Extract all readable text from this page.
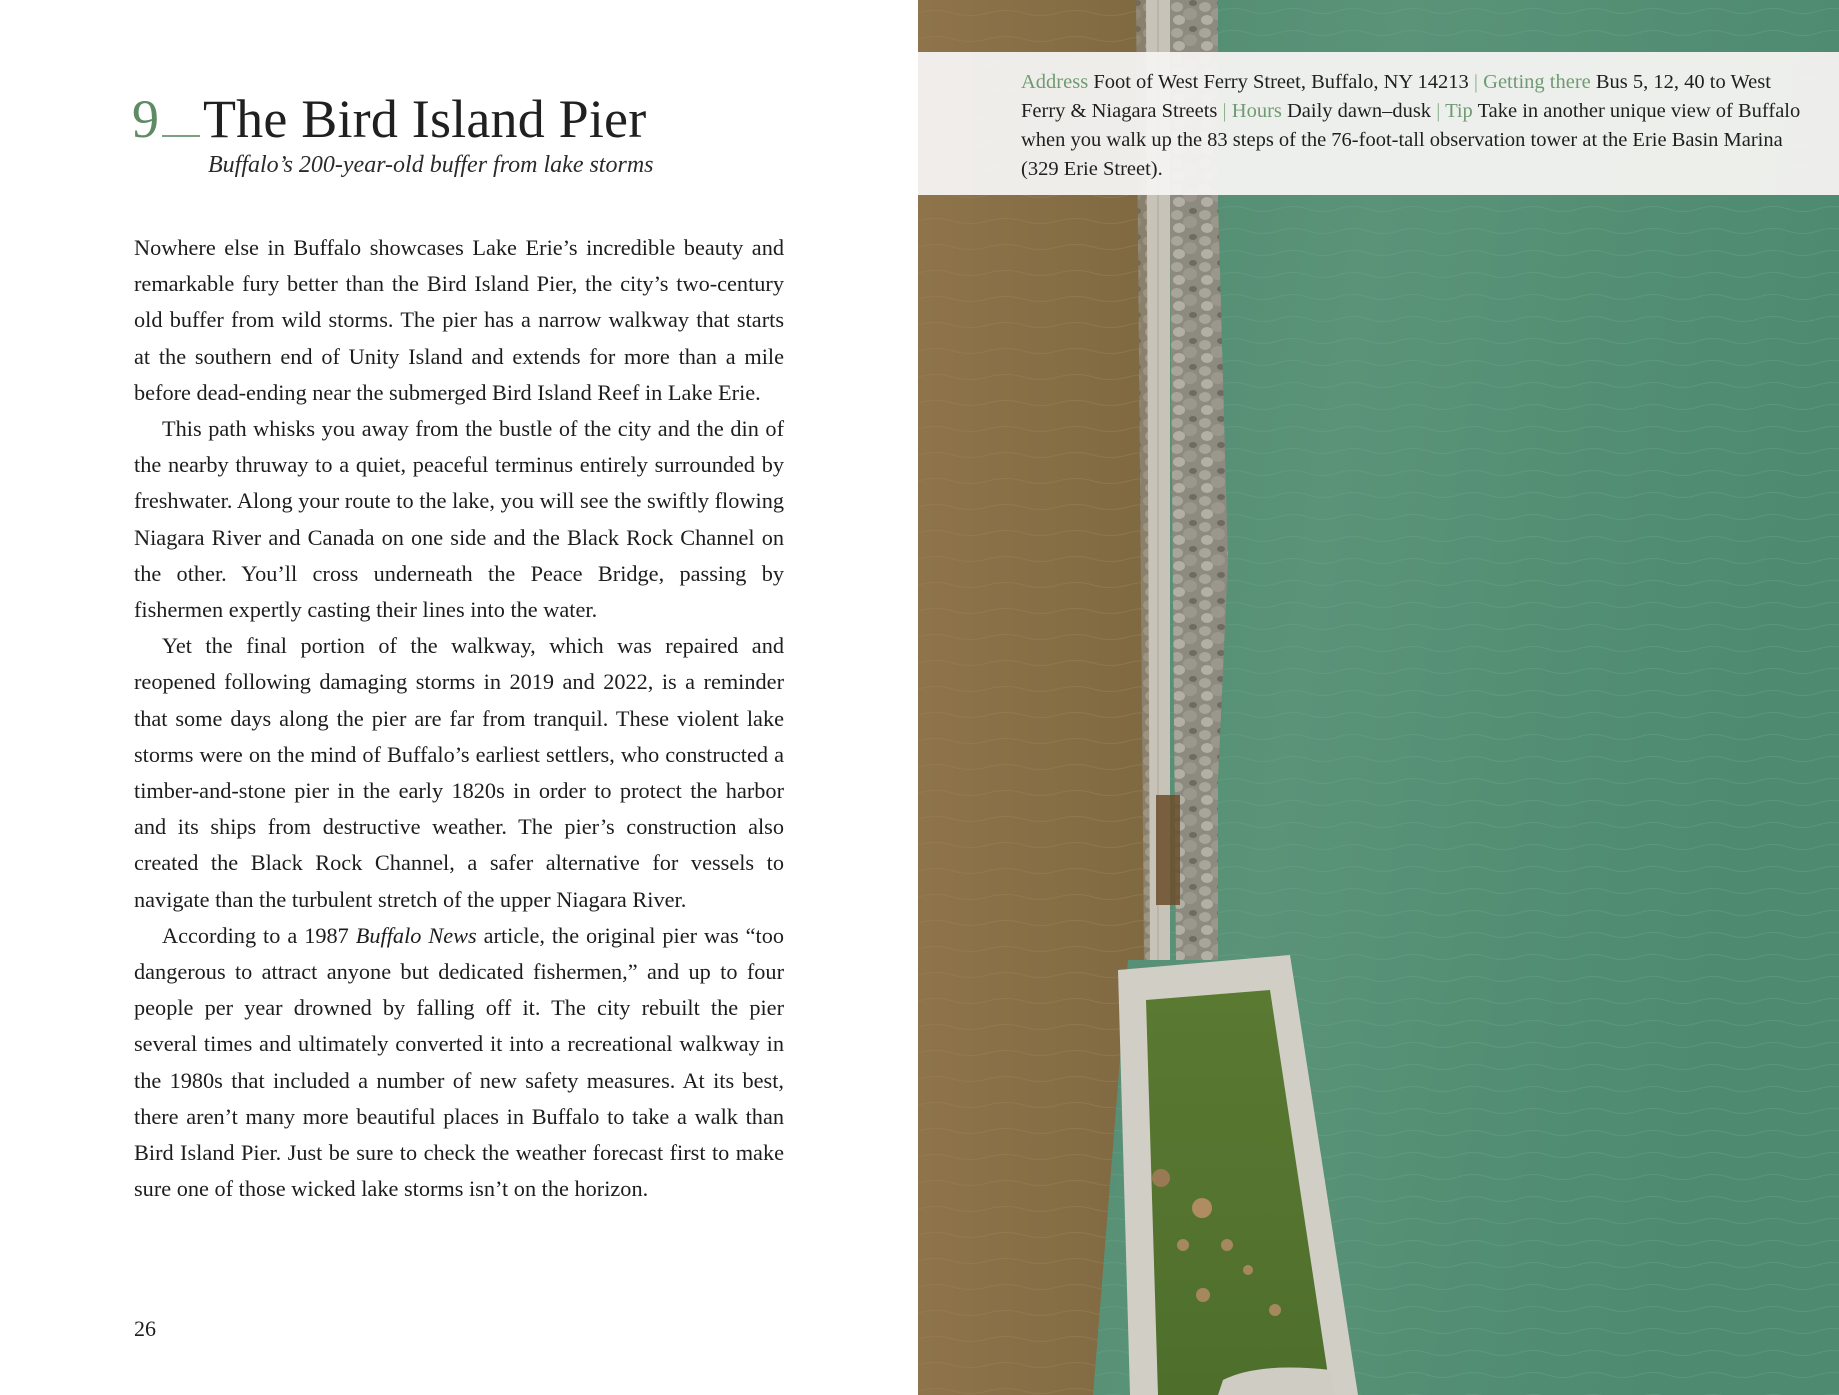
9 The Bird Island Pier
Buffalo’s 200-year-old buffer from lake storms

Nowhere else in Buffalo showcases Lake Erie’s incredible beauty and remarkable fury better than the Bird Island Pier, the city’s two-century old buffer from wild storms. The pier has a narrow walkway that starts at the southern end of Unity Island and extends for more than a mile before dead-ending near the submerged Bird Island Reef in Lake Erie.

This path whisks you away from the bustle of the city and the din of the nearby thruway to a quiet, peaceful terminus entirely surrounded by freshwater. Along your route to the lake, you will see the swiftly flowing Niagara River and Canada on one side and the Black Rock Channel on the other. You’ll cross underneath the Peace Bridge, passing by fishermen expertly casting their lines into the water.

Yet the final portion of the walkway, which was repaired and reopened following damaging storms in 2019 and 2022, is a reminder that some days along the pier are far from tranquil. These violent lake storms were on the mind of Buffalo’s earliest settlers, who constructed a timber-and-stone pier in the early 1820s in order to protect the harbor and its ships from destructive weather. The pier’s construction also created the Black Rock Channel, a safer alternative for vessels to navigate than the turbulent stretch of the upper Niagara River.

According to a 1987 Buffalo News article, the original pier was “too dangerous to attract anyone but dedicated fishermen,” and up to four people per year drowned by falling off it. The city rebuilt the pier several times and ultimately converted it into a recreational walkway in the 1980s that included a number of new safety measures. At its best, there aren’t many more beautiful places in Buffalo to take a walk than Bird Island Pier. Just be sure to check the weather forecast first to make sure one of those wicked lake storms isn’t on the horizon.

26
Address Foot of West Ferry Street, Buffalo, NY 14213 | Getting there Bus 5, 12, 40 to West Ferry & Niagara Streets | Hours Daily dawn–dusk | Tip Take in another unique view of Buffalo when you walk up the 83 steps of the 76-foot-tall observation tower at the Erie Basin Marina (329 Erie Street).
